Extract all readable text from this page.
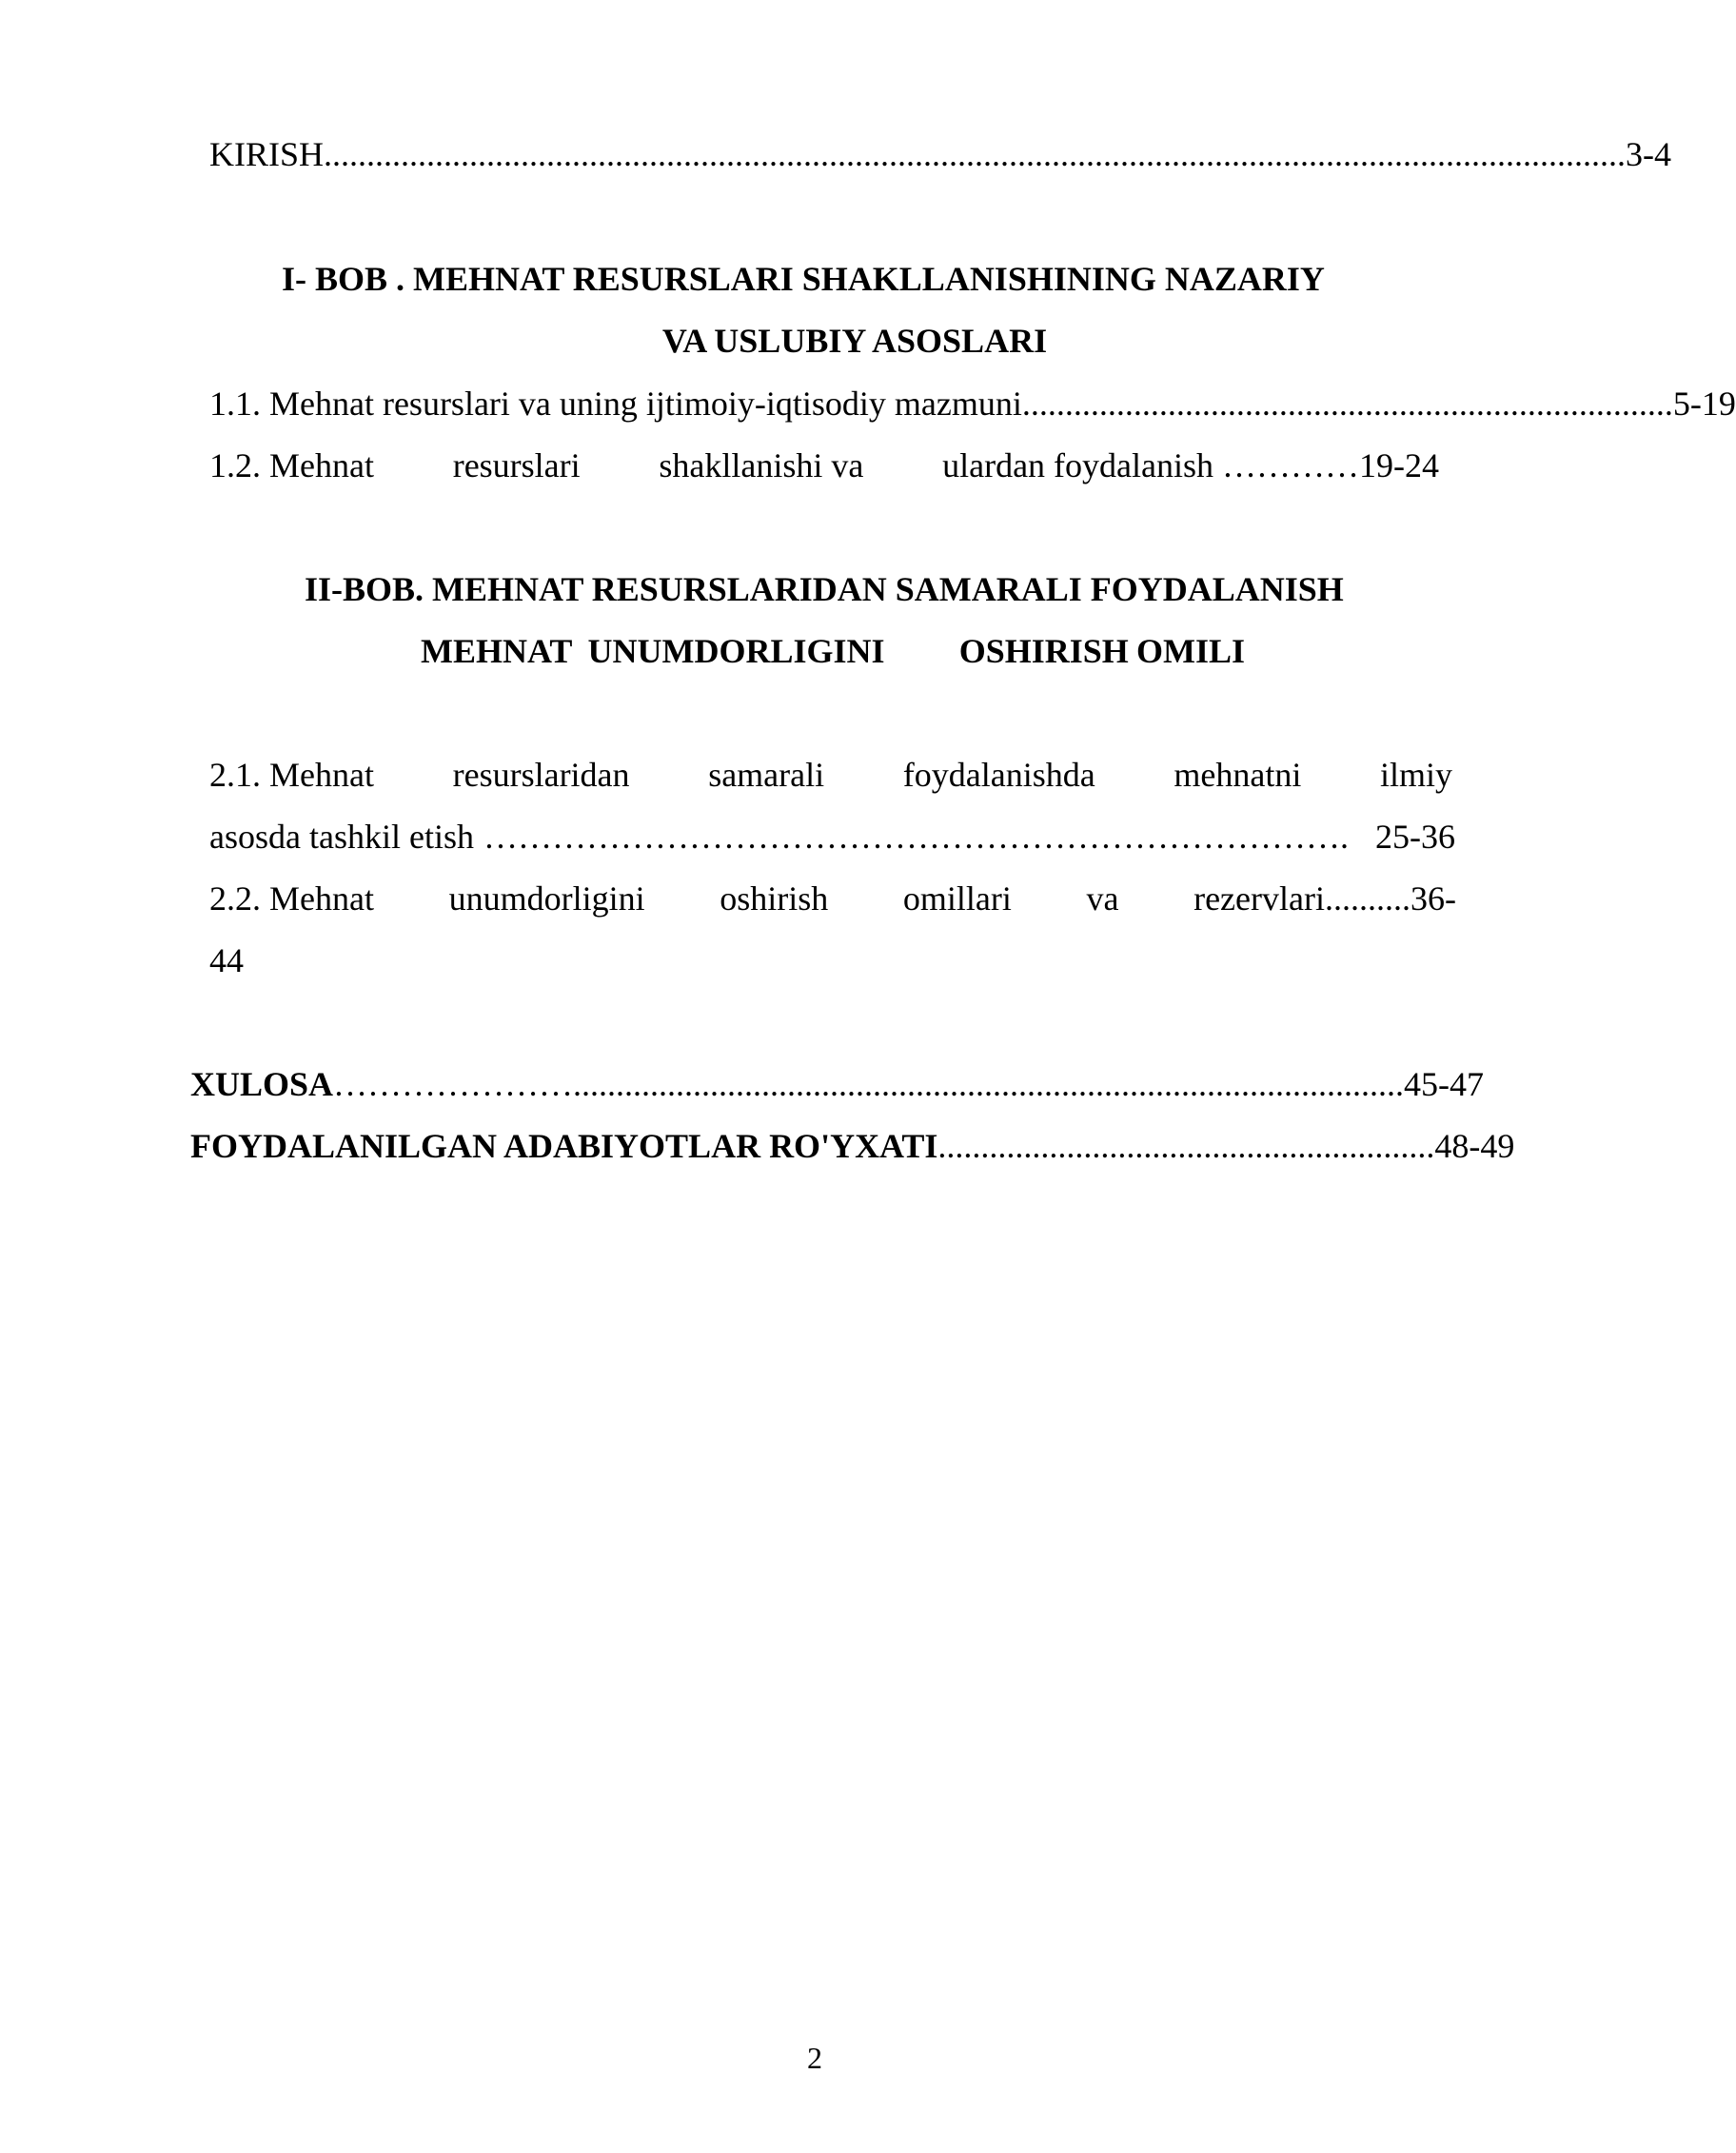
KIRISH ........................................................................................................................................................ 3-4
I- BOB . MEHNAT RESURSLARI SHAKLLANISHINING NAZARIY
VA USLUBIY ASOSLARI
1.1. Mehnat resurslari va uning ijtimoiy-iqtisodiy mazmuni ............................................................................ 5-19
1.2. Mehnat resurslari shakllanishi va ulardan foydalanish …………19-24
II-BOB. MEHNAT RESURSLARIDAN SAMARALI FOYDALANISH
MEHNAT UNUMDORLIGINI OSHIRISH OMILI
2.1. Mehnat resurslaridan samarali foydalanishda mehnatni ilmiy
asosda tashkil etish …………………………………………………………………. 25-36
2.2. Mehnat unumdorligini oshirish omillari va rezervlari..........36-
44
XULOSA …………………................................................................................................. 45-47
FOYDALANILGAN ADABIYOTLAR RO'YXATI .......................................................... 48-49
2
